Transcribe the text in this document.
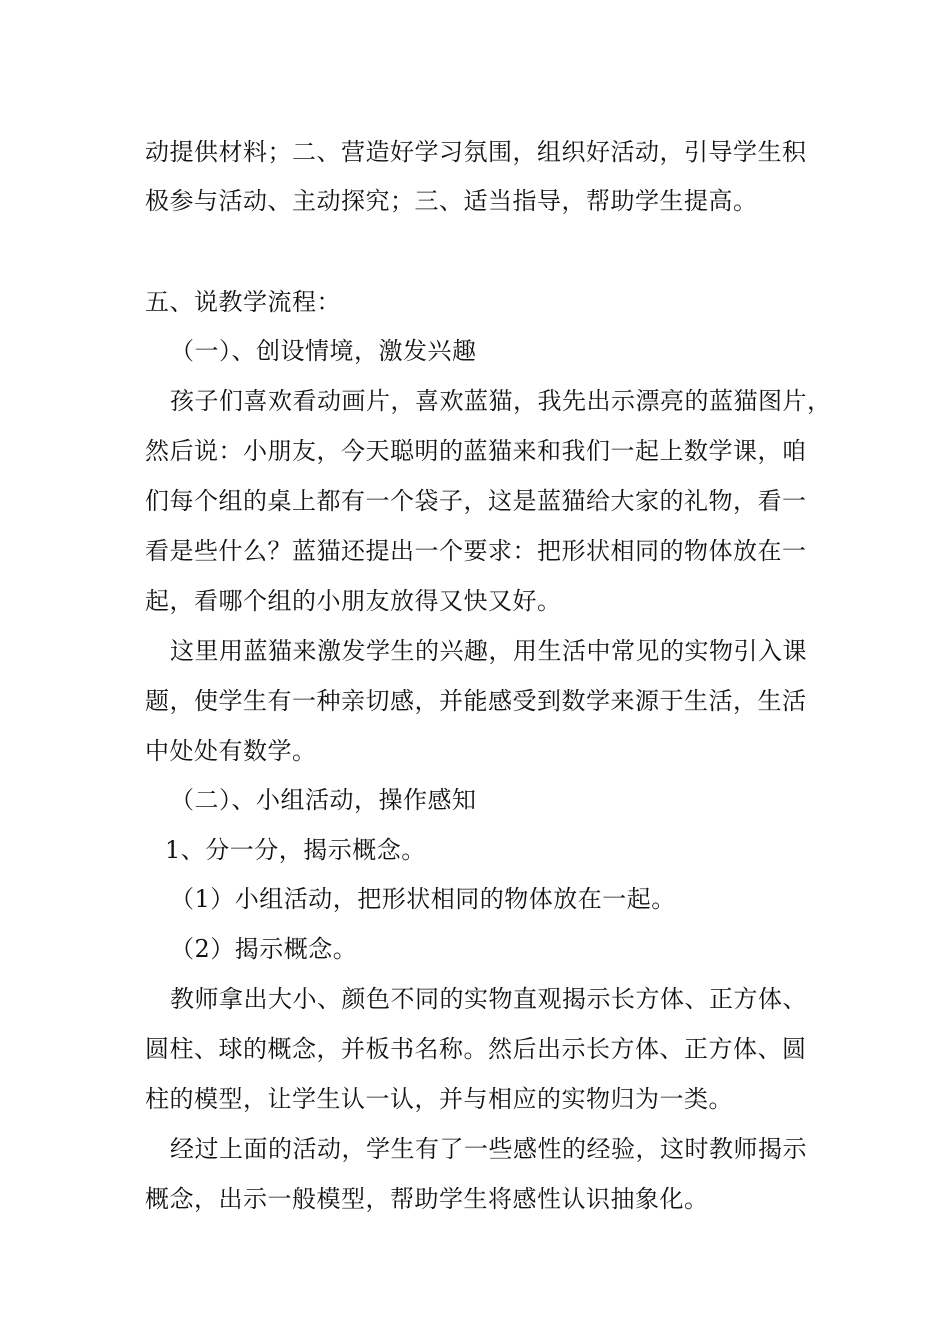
动提供材料；二、营造好学习氛围，组织好活动，引导学生积
极参与活动、主动探究；三、适当指导，帮助学生提高。
五、说教学流程：
（一）、创设情境，激发兴趣
孩子们喜欢看动画片，喜欢蓝猫，我先出示漂亮的蓝猫图片，
然后说：小朋友，今天聪明的蓝猫来和我们一起上数学课，咱
们每个组的桌上都有一个袋子，这是蓝猫给大家的礼物，看一
看是些什么？蓝猫还提出一个要求：把形状相同的物体放在一
起，看哪个组的小朋友放得又快又好。
这里用蓝猫来激发学生的兴趣，用生活中常见的实物引入课
题，使学生有一种亲切感，并能感受到数学来源于生活，生活
中处处有数学。
（二）、小组活动，操作感知
1、分一分，揭示概念。
（1）小组活动，把形状相同的物体放在一起。
（2）揭示概念。
教师拿出大小、颜色不同的实物直观揭示长方体、正方体、
圆柱、球的概念，并板书名称。然后出示长方体、正方体、圆
柱的模型，让学生认一认，并与相应的实物归为一类。
经过上面的活动，学生有了一些感性的经验，这时教师揭示
概念，出示一般模型，帮助学生将感性认识抽象化。
